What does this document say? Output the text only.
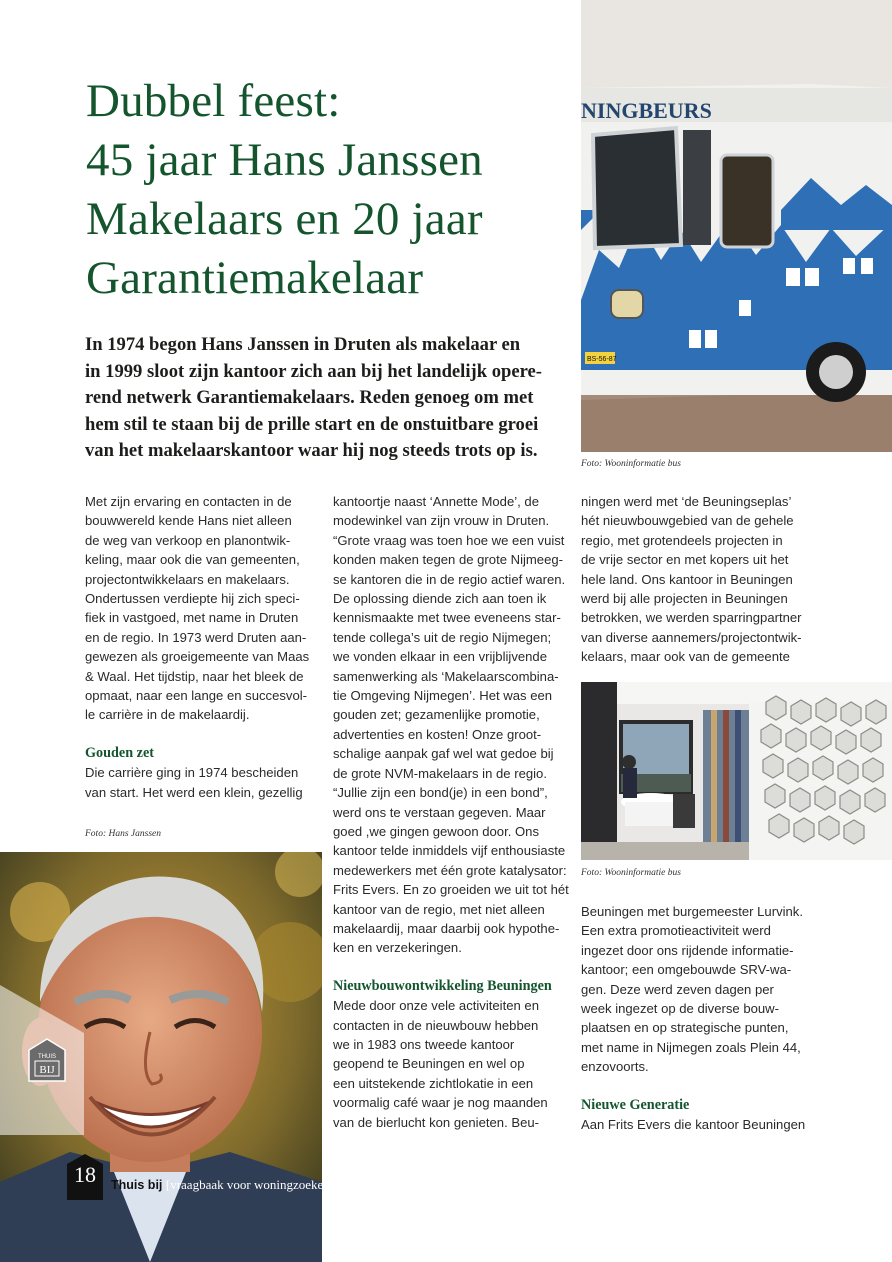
Dubbel feest:
45 jaar Hans Janssen
Makelaars en 20 jaar
Garantiemakelaar

In 1974 begon Hans Janssen in Druten als makelaar en
in 1999 sloot zijn kantoor zich aan bij het landelijk opere-
rend netwerk Garantiemakelaars. Reden genoeg om met
hem stil te staan bij de prille start en de onstuitbare groei
van het makelaarskantoor waar hij nog steeds trots op is.

BS-56-87
NINGBEURS
Foto: Wooninformatie bus
Met zijn ervaring en contacten in de
bouwwereld kende Hans niet alleen
de weg van verkoop en planontwik-
keling, maar ook die van gemeenten,
projectontwikkelaars en makelaars.
Ondertussen verdiepte hij zich speci-
fiek in vastgoed, met name in Druten
en de regio. In 1973 werd Druten aan-
gewezen als groeigemeente van Maas
& Waal. Het tijdstip, naar het bleek de
opmaat, naar een lange en succesvol-
le carrière in de makelaardij.
Gouden zet
Die carrière ging in 1974 bescheiden
van start. Het werd een klein, gezellig
Foto: Hans Janssen
kantoortje naast ‘Annette Mode’, de
modewinkel van zijn vrouw in Druten.
“Grote vraag was toen hoe we een vuist
konden maken tegen de grote Nijmeeg-
se kantoren die in de regio actief waren.
De oplossing diende zich aan toen ik
kennismaakte met twee eveneens star-
tende collega’s uit de regio Nijmegen;
we vonden elkaar in een vrijblijvende
samenwerking als ‘Makelaarscombina-
tie Omgeving Nijmegen’. Het was een
gouden zet; gezamenlijke promotie,
advertenties en kosten! Onze groot-
schalige aanpak gaf wel wat gedoe bij
de grote NVM-makelaars in de regio.
“Jullie zijn een bond(je) in een bond”,
werd ons te verstaan gegeven. Maar
goed ,we gingen gewoon door. Ons
kantoor telde inmiddels vijf enthousiaste
medewerkers met één grote katalysator:
Frits Evers. En zo groeiden we uit tot hét
kantoor van de regio, met niet alleen
makelaardij, maar daarbij ook hypothe-
ken en verzekeringen.
Nieuwbouwontwikkeling Beuningen
Mede door onze vele activiteiten en
contacten in de nieuwbouw hebben
we in 1983 ons tweede kantoor
geopend te Beuningen en wel op
een uitstekende zichtlokatie in een
voormalig café waar je nog maanden
van de bierlucht kon genieten. Beu-
ningen werd met ‘de Beuningseplas’
hét nieuwbouwgebied van de gehele
regio, met grotendeels projecten in
de vrije sector en met kopers uit het
hele land. Ons kantoor in Beuningen
werd bij alle projecten in Beuningen
betrokken, we werden sparringpartner
van diverse aannemers/projectontwik-
kelaars, maar ook van de gemeente
Foto: Wooninformatie bus
Beuningen met burgemeester Lurvink.
Een extra promotieactiviteit werd
ingezet door ons rijdende informatie-
kantoor; een omgebouwde SRV-wa-
gen. Deze werd zeven dagen per
week ingezet op de diverse bouw-
plaatsen en op strategische punten,
met name in Nijmegen zoals Plein 44,
enzovoorts.
Nieuwe Generatie
Aan Frits Evers die kantoor Beuningen
THUIS
BIJ
18	Thuis bij [vraagbaak voor woningzoekers]
